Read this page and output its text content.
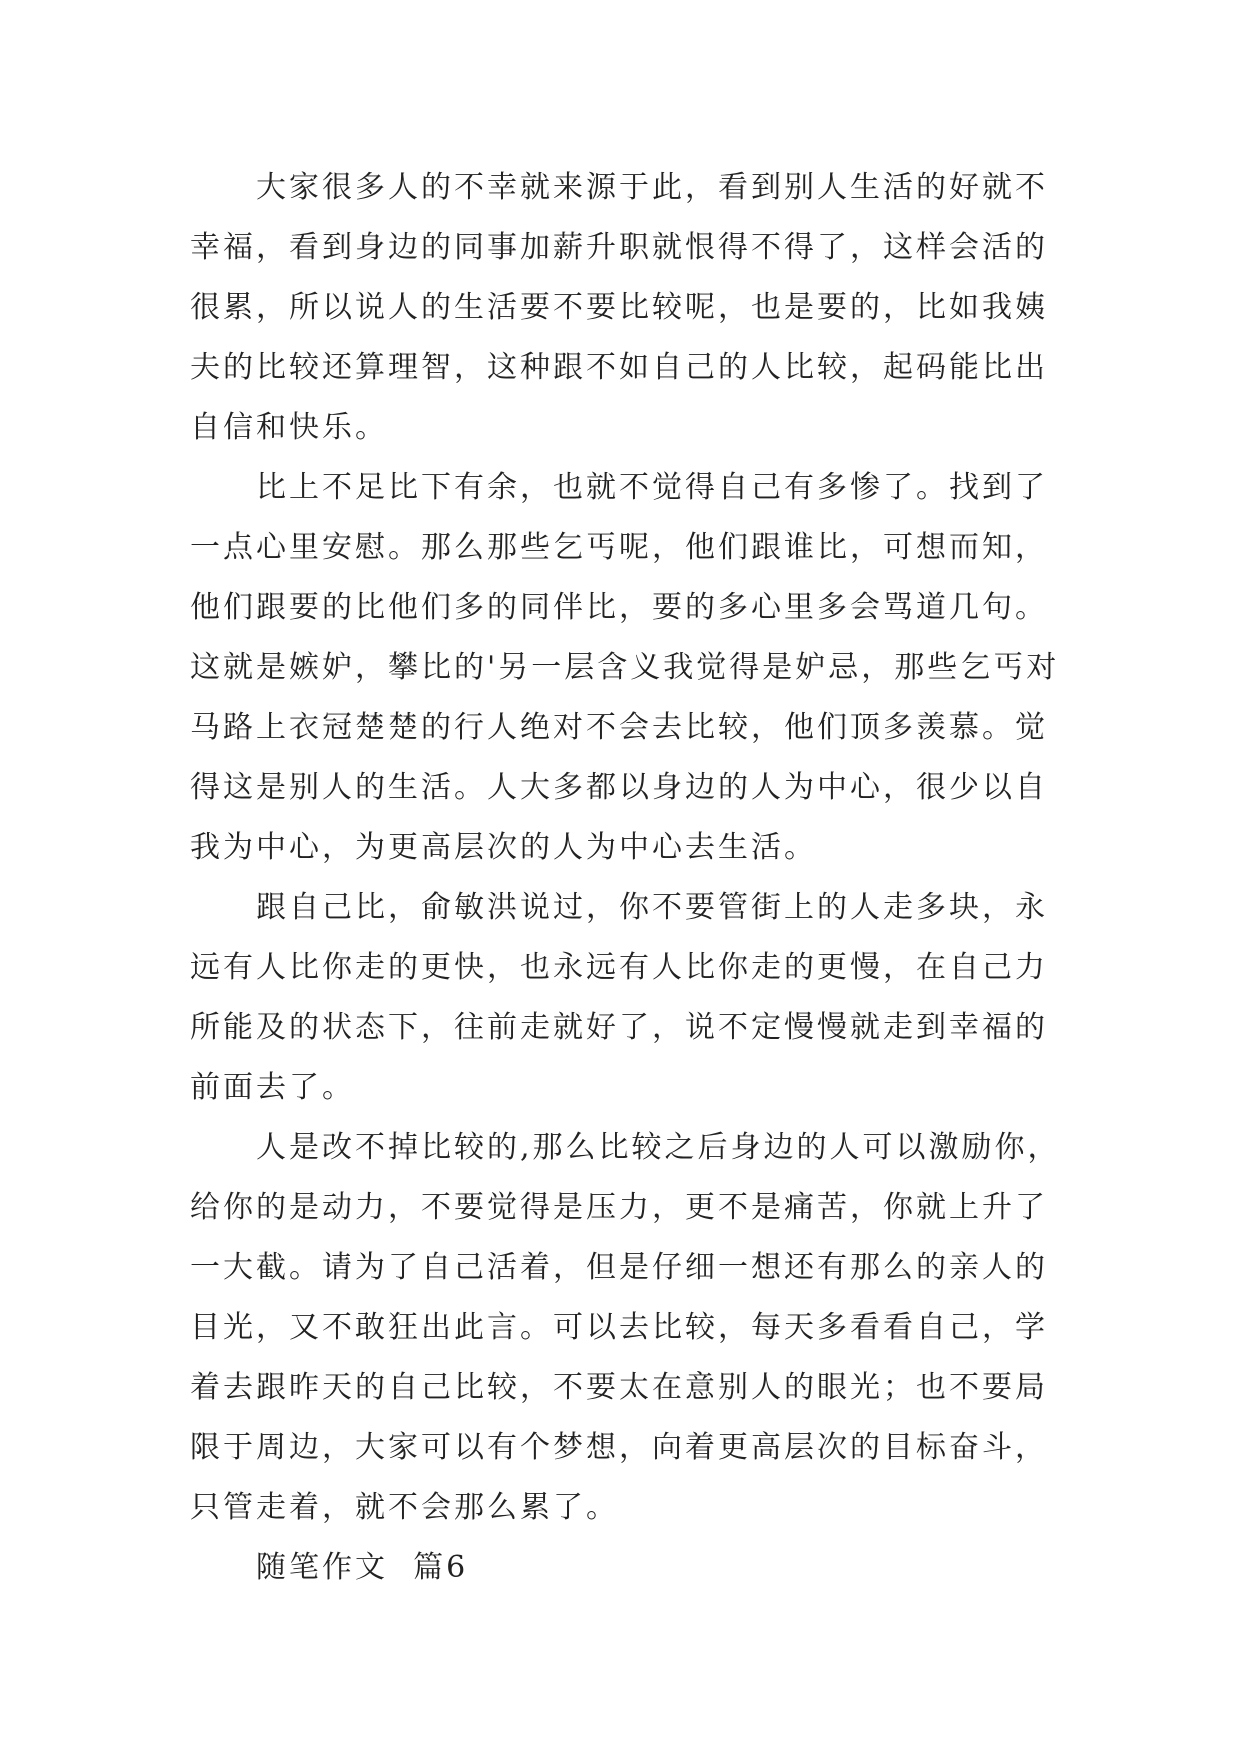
大家很多人的不幸就来源于此，看到别人生活的好就不幸福，看到身边的同事加薪升职就恨得不得了，这样会活的很累，所以说人的生活要不要比较呢，也是要的，比如我姨夫的比较还算理智，这种跟不如自己的人比较，起码能比出自信和快乐。

比上不足比下有余，也就不觉得自己有多惨了。找到了一点心里安慰。那么那些乞丐呢，他们跟谁比，可想而知，他们跟要的比他们多的同伴比，要的多心里多会骂道几句。这就是嫉妒，攀比的'另一层含义我觉得是妒忌，那些乞丐对马路上衣冠楚楚的行人绝对不会去比较，他们顶多羡慕。觉得这是别人的生活。人大多都以身边的人为中心，很少以自我为中心，为更高层次的人为中心去生活。

跟自己比，俞敏洪说过，你不要管街上的人走多块，永远有人比你走的更快，也永远有人比你走的更慢，在自己力所能及的状态下，往前走就好了，说不定慢慢就走到幸福的前面去了。

人是改不掉比较的,那么比较之后身边的人可以激励你，给你的是动力，不要觉得是压力，更不是痛苦，你就上升了一大截。请为了自己活着，但是仔细一想还有那么的亲人的目光，又不敢狂出此言。可以去比较，每天多看看自己，学着去跟昨天的自己比较，不要太在意别人的眼光；也不要局限于周边，大家可以有个梦想，向着更高层次的目标奋斗，只管走着，就不会那么累了。

随笔作文  篇6
